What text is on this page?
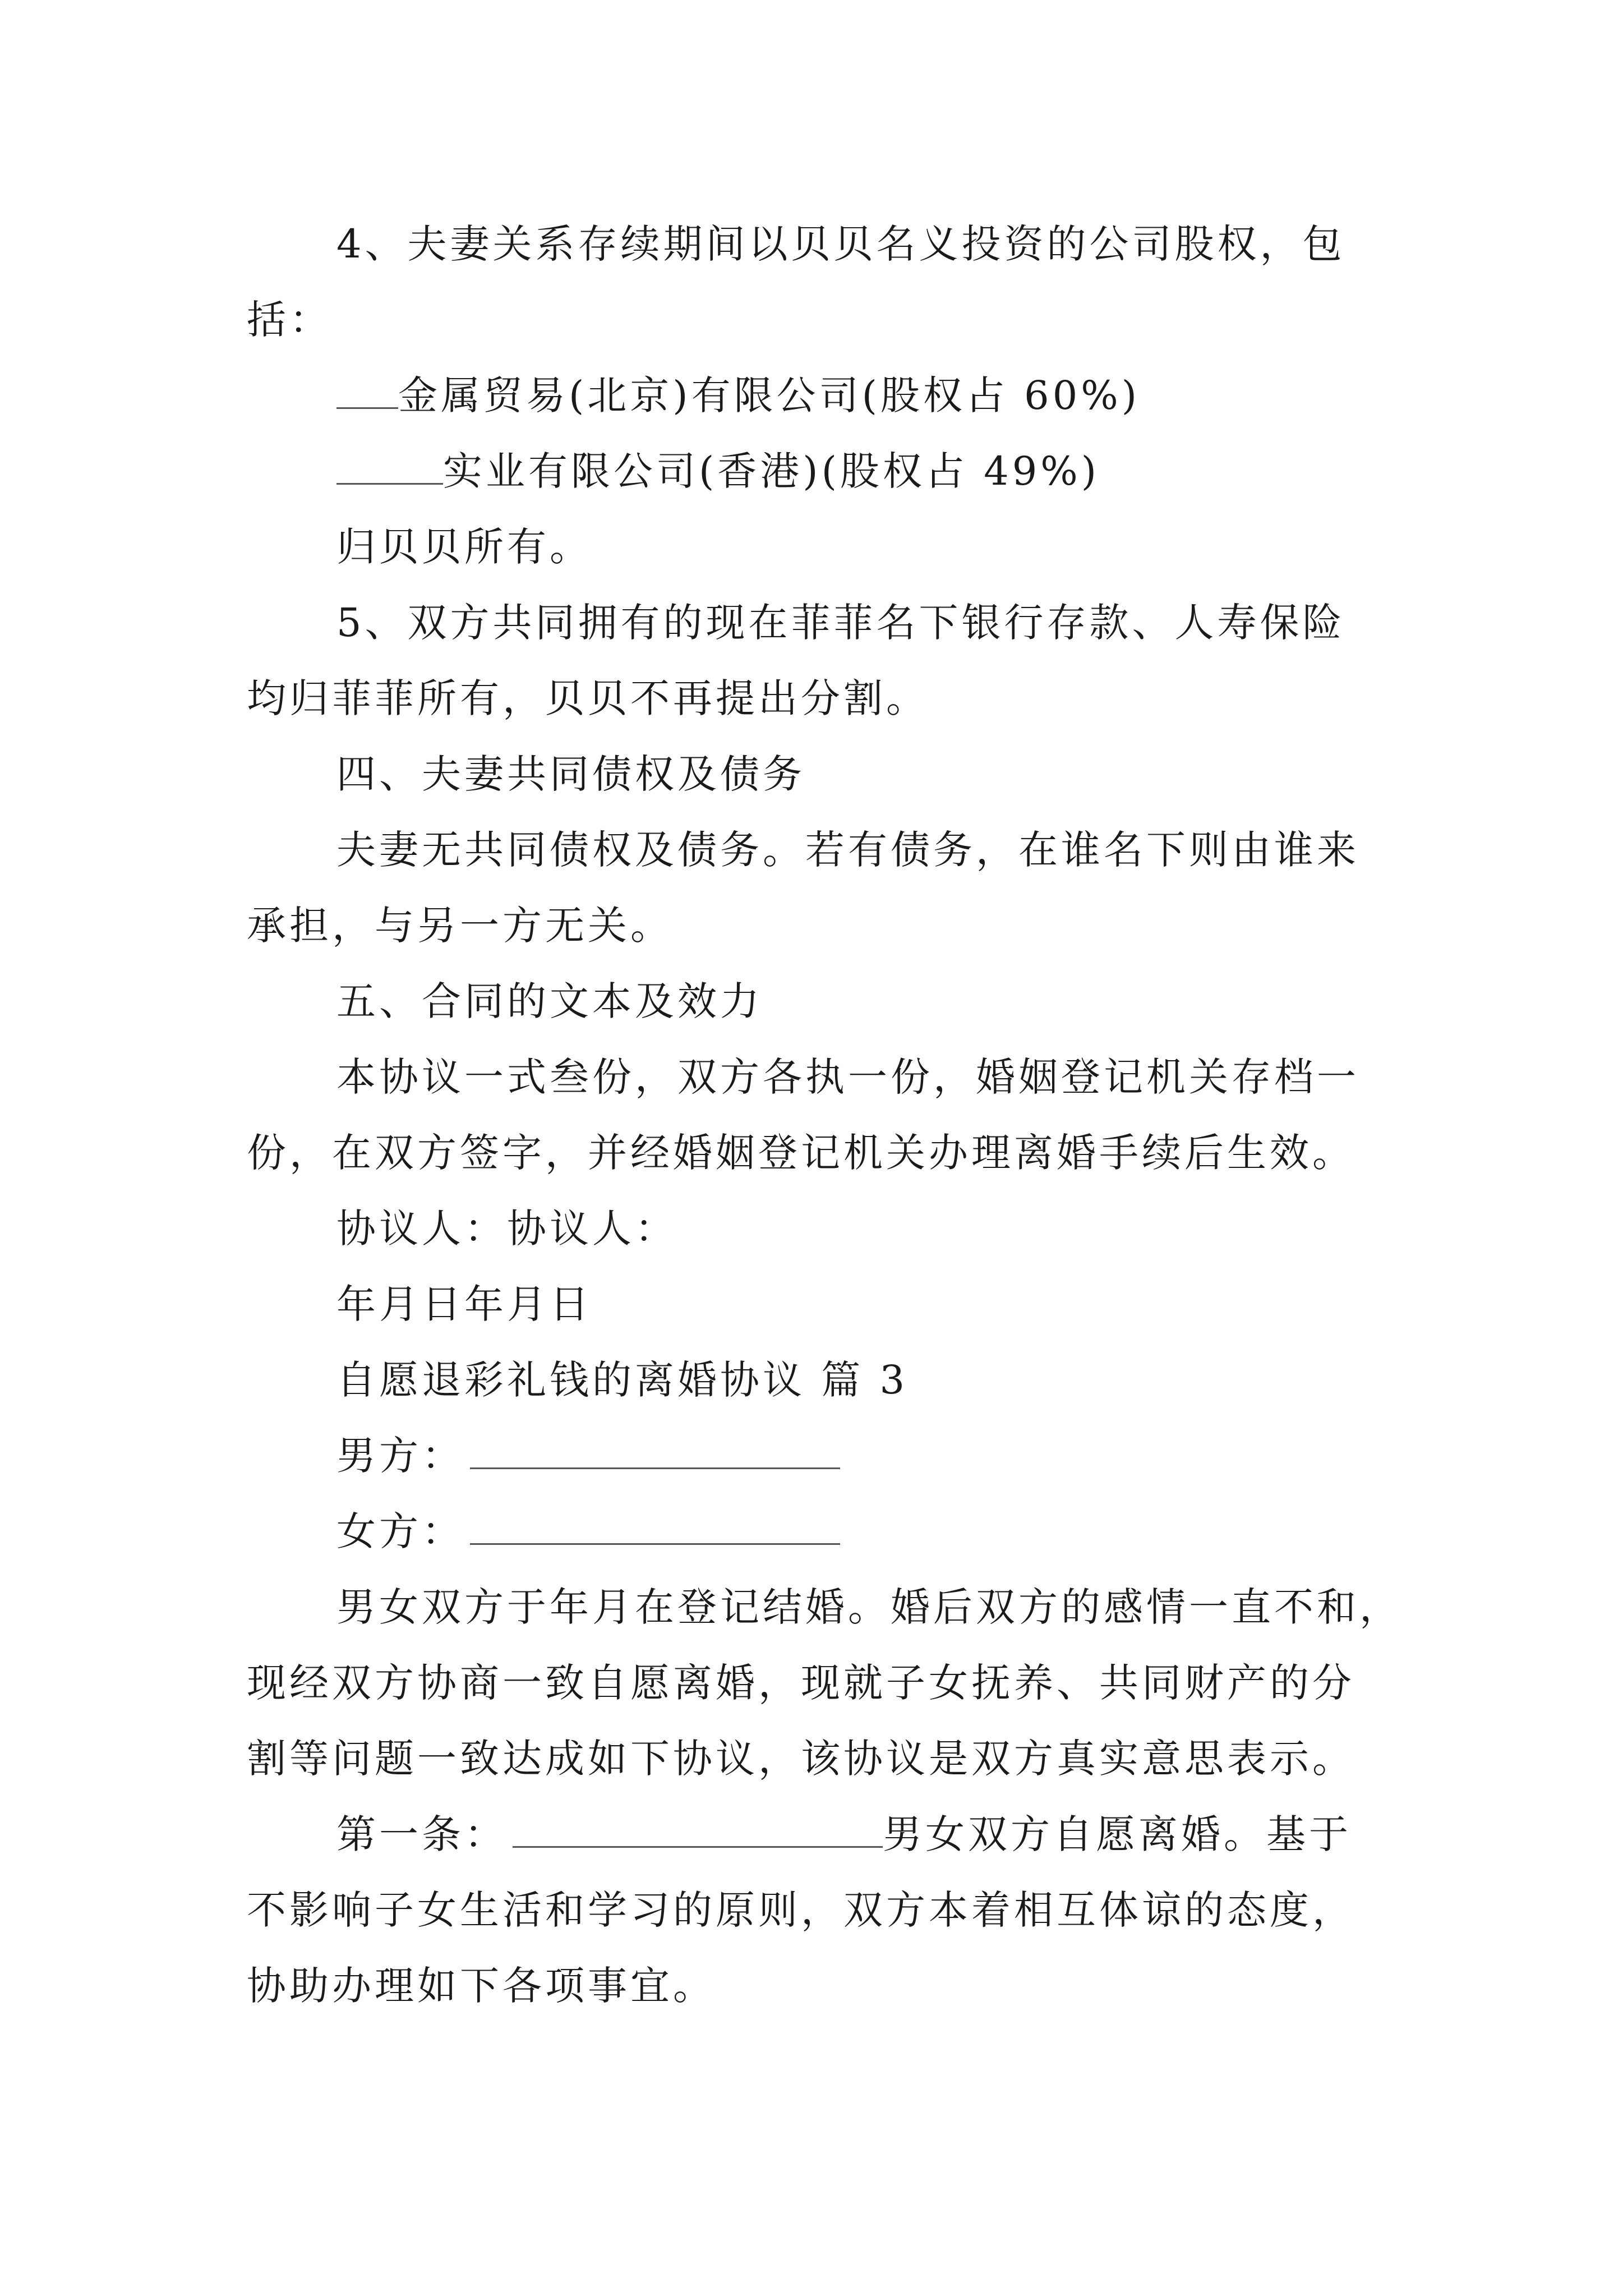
4、夫妻关系存续期间以贝贝名义投资的公司股权，包
括：
金属贸易(北京)有限公司(股权占 60%)
实业有限公司(香港)(股权占 49%)
归贝贝所有。
5、双方共同拥有的现在菲菲名下银行存款、人寿保险
均归菲菲所有，贝贝不再提出分割。
四、夫妻共同债权及债务
夫妻无共同债权及债务。若有债务，在谁名下则由谁来
承担，与另一方无关。
五、合同的文本及效力
本协议一式叁份，双方各执一份，婚姻登记机关存档一
份，在双方签字，并经婚姻登记机关办理离婚手续后生效。
协议人：协议人：
年月日年月日
自愿退彩礼钱的离婚协议 篇 3
男方：
女方：
男女双方于年月在登记结婚。婚后双方的感情一直不和，
现经双方协商一致自愿离婚，现就子女抚养、共同财产的分
割等问题一致达成如下协议，该协议是双方真实意思表示。
第一条：	男女双方自愿离婚。基于
不影响子女生活和学习的原则，双方本着相互体谅的态度，
协助办理如下各项事宜。
